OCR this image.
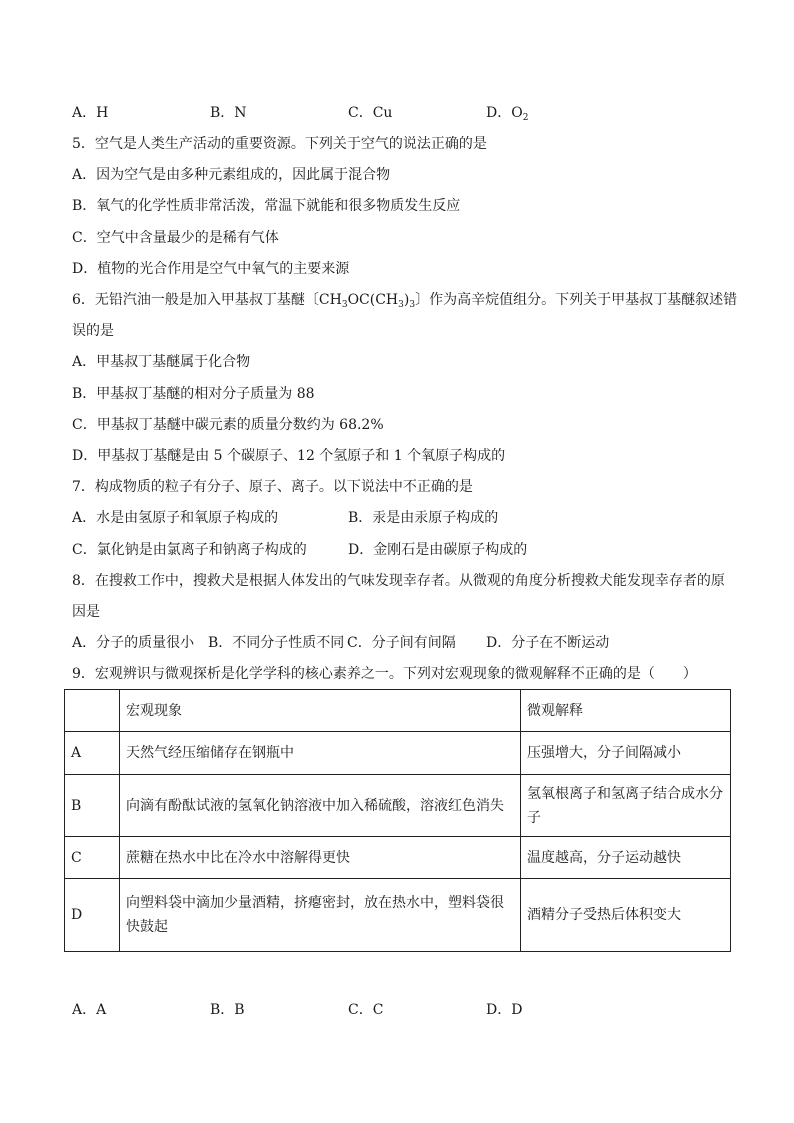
A．H	B．N	C．Cu	D．$O_2$
5．空气是人类生产活动的重要资源。下列关于空气的说法正确的是
A．因为空气是由多种元素组成的，因此属于混合物
B．氧气的化学性质非常活泼，常温下就能和很多物质发生反应
C．空气中含量最少的是稀有气体
D．植物的光合作用是空气中氧气的主要来源
6．无铅汽油一般是加入甲基叔丁基醚〔$CH_3OC(CH_3)_3$〕作为高辛烷值组分。下列关于甲基叔丁基醚叙述错
误的是
A．甲基叔丁基醚属于化合物
B．甲基叔丁基醚的相对分子质量为 88
C．甲基叔丁基醚中碳元素的质量分数约为 68.2%
D．甲基叔丁基醚是由 5 个碳原子、12 个氢原子和 1 个氧原子构成的
7．构成物质的粒子有分子、原子、离子。以下说法中不正确的是
A．水是由氢原子和氧原子构成的	B．汞是由汞原子构成的
C．氯化钠是由氯离子和钠离子构成的	D．金刚石是由碳原子构成的
8．在搜救工作中，搜救犬是根据人体发出的气味发现幸存者。从微观的角度分析搜救犬能发现幸存者的原
因是
A．分子的质量很小 B．不同分子性质不同 C．分子间有间隔 D．分子在不断运动
9．宏观辨识与微观探析是化学学科的核心素养之一。下列对宏观现象的微观解释不正确的是（　　）
	宏观现象	微观解释
A	天然气经压缩储存在钢瓶中	压强增大，分子间隔减小
B	向滴有酚酞试液的氢氧化钠溶液中加入稀硫酸，溶液红色消失	氢氧根离子和氢离子结合成水分子
C	蔗糖在热水中比在冷水中溶解得更快	温度越高，分子运动越快
D	向塑料袋中滴加少量酒精，挤瘪密封，放在热水中，塑料袋很快鼓起	酒精分子受热后体积变大
A．A	B．B	C．C	D．D
